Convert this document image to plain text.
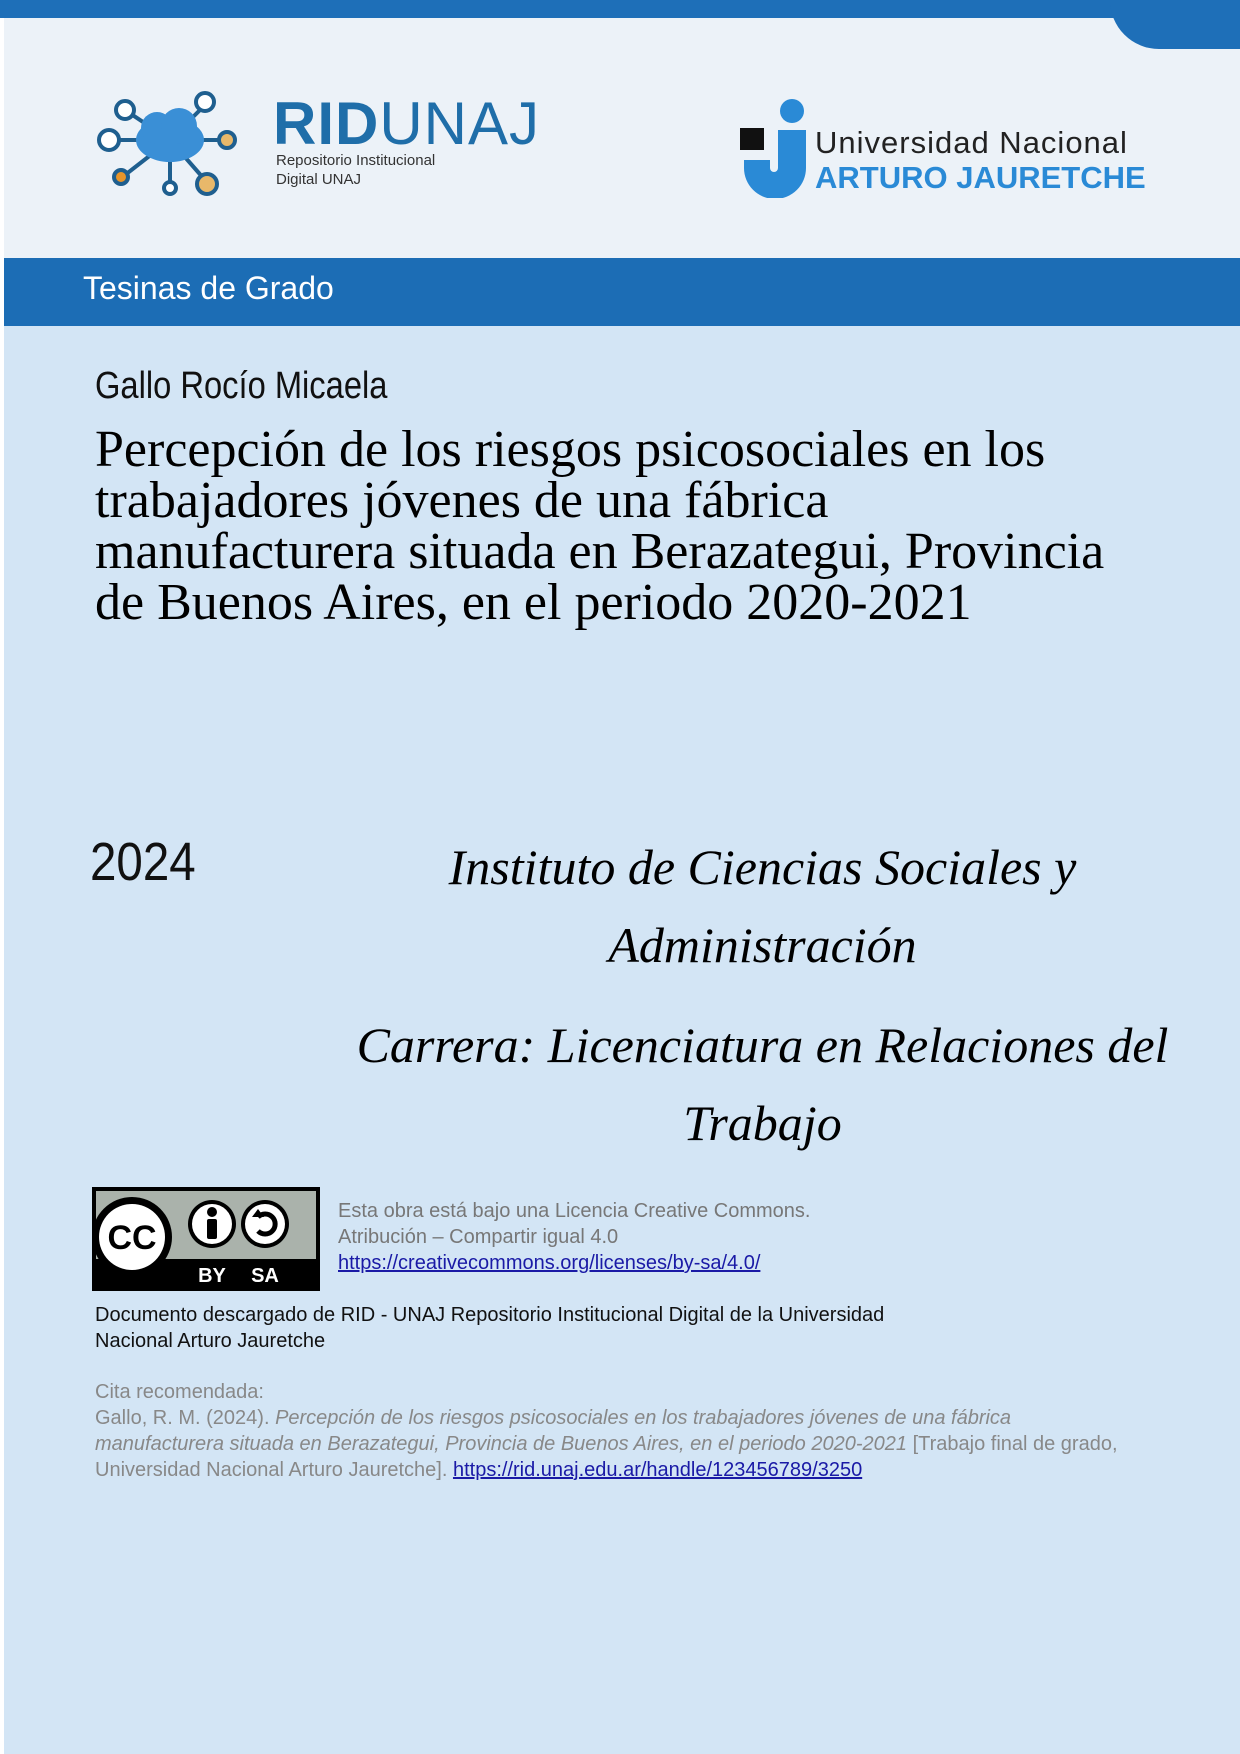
RIDUNAJ
Repositorio Institucional
Digital UNAJ
Universidad Nacional
ARTURO JAURETCHE
Tesinas de Grado
Gallo Rocío Micaela
Percepción de los riesgos psicosociales en los
trabajadores jóvenes de una fábrica
manufacturera situada en Berazategui, Provincia
de Buenos Aires, en el periodo 2020-2021
2024	Instituto de Ciencias Sociales y
Administración
Carrera: Licenciatura en Relaciones del
Trabajo
CC
BY SA
Esta obra está bajo una Licencia Creative Commons.
Atribución – Compartir igual 4.0
https://creativecommons.org/licenses/by-sa/4.0/
Documento descargado de RID - UNAJ Repositorio Institucional Digital de la Universidad
Nacional Arturo Jauretche
Cita recomendada:
Gallo, R. M. (2024). Percepción de los riesgos psicosociales en los trabajadores jóvenes de una fábrica manufacturera situada en Berazategui, Provincia de Buenos Aires, en el periodo 2020-2021 [Trabajo final de grado, Universidad Nacional Arturo Jauretche]. https://rid.unaj.edu.ar/handle/123456789/3250
